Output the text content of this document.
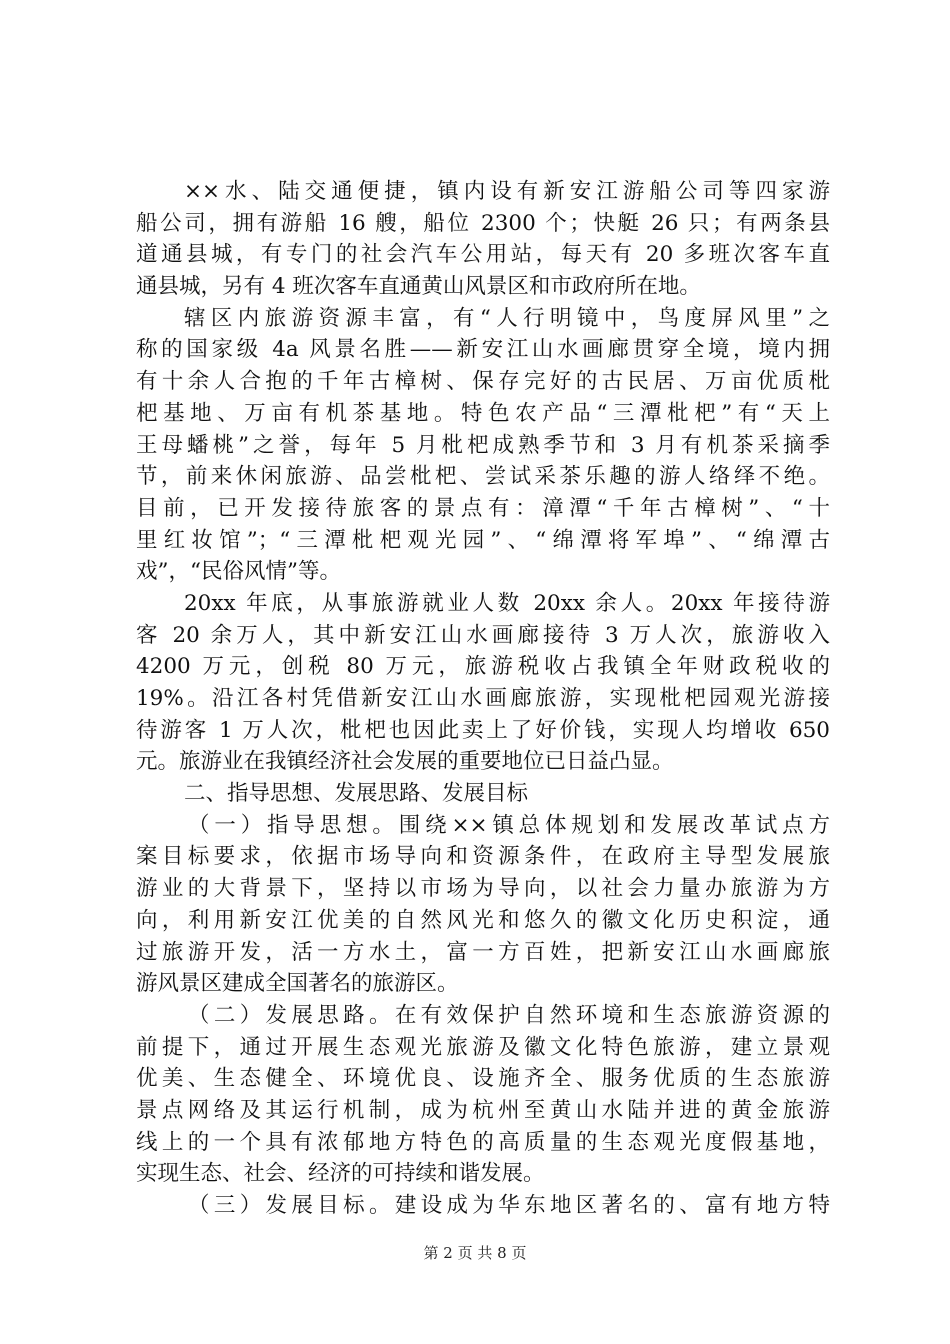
××水、陆交通便捷，镇内设有新安江游船公司等四家游
船公司，拥有游船 16 艘，船位 2300 个；快艇 26 只；有两条县
道通县城，有专门的社会汽车公用站，每天有 20 多班次客车直
通县城，另有 4 班次客车直通黄山风景区和市政府所在地。
辖区内旅游资源丰富，有“人行明镜中，鸟度屏风里”之
称的国家级 4a 风景名胜——新安江山水画廊贯穿全境，境内拥
有十余人合抱的千年古樟树、保存完好的古民居、万亩优质枇
杷基地、万亩有机茶基地。特色农产品“三潭枇杷”有“天上
王母蟠桃”之誉，每年 5 月枇杷成熟季节和 3 月有机茶采摘季
节，前来休闲旅游、品尝枇杷、尝试采茶乐趣的游人络绎不绝。
目前，已开发接待旅客的景点有：漳潭“千年古樟树”、“十
里红妆馆”；“三潭枇杷观光园”、“绵潭将军埠”、“绵潭古
戏”，“民俗风情”等。
20xx 年底，从事旅游就业人数 20xx 余人。20xx 年接待游
客 20 余万人，其中新安江山水画廊接待 3 万人次，旅游收入
4200 万元，创税 80 万元，旅游税收占我镇全年财政税收的
19%。沿江各村凭借新安江山水画廊旅游，实现枇杷园观光游接
待游客 1 万人次，枇杷也因此卖上了好价钱，实现人均增收 650
元。旅游业在我镇经济社会发展的重要地位已日益凸显。
二、指导思想、发展思路、发展目标
（一）指导思想。围绕××镇总体规划和发展改革试点方
案目标要求，依据市场导向和资源条件，在政府主导型发展旅
游业的大背景下，坚持以市场为导向，以社会力量办旅游为方
向，利用新安江优美的自然风光和悠久的徽文化历史积淀，通
过旅游开发，活一方水土，富一方百姓，把新安江山水画廊旅
游风景区建成全国著名的旅游区。
（二）发展思路。在有效保护自然环境和生态旅游资源的
前提下，通过开展生态观光旅游及徽文化特色旅游，建立景观
优美、生态健全、环境优良、设施齐全、服务优质的生态旅游
景点网络及其运行机制，成为杭州至黄山水陆并进的黄金旅游
线上的一个具有浓郁地方特色的高质量的生态观光度假基地，
实现生态、社会、经济的可持续和谐发展。
（三）发展目标。建设成为华东地区著名的、富有地方特
第 2 页 共 8 页
